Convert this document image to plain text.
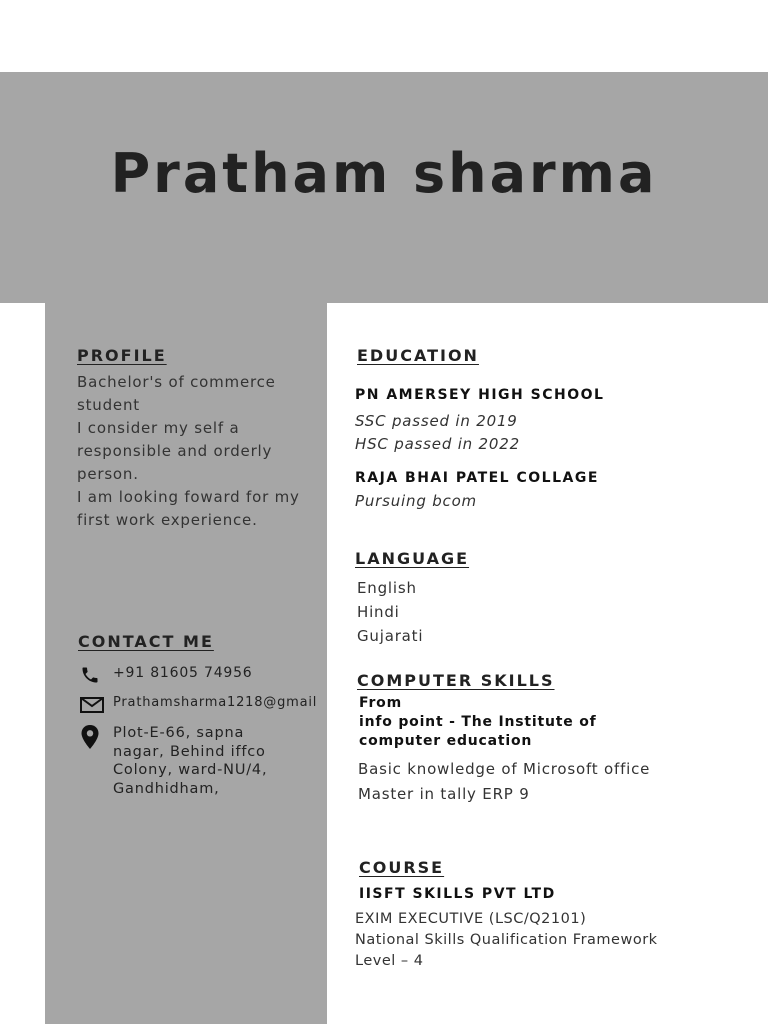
Pratham sharma
PROFILE
Bachelor's of commerce student
I consider my self a responsible and orderly person.
I am looking foward for my first work experience.
CONTACT ME
+91 81605 74956
Prathamsharma1218@gmail
Plot-E-66, sapna nagar, Behind iffco Colony, ward-NU/4, Gandhidham,
EDUCATION
PN AMERSEY HIGH SCHOOL
SSC passed in 2019
HSC passed in 2022
RAJA BHAI PATEL COLLAGE
Pursuing bcom
LANGUAGE
English
Hindi
Gujarati
COMPUTER SKILLS
From
info point - The Institute of computer education
Basic knowledge of Microsoft office
Master in tally ERP 9
COURSE
IISFT SKILLS PVT LTD
EXIM EXECUTIVE (LSC/Q2101)
National Skills Qualification Framework
Level – 4
